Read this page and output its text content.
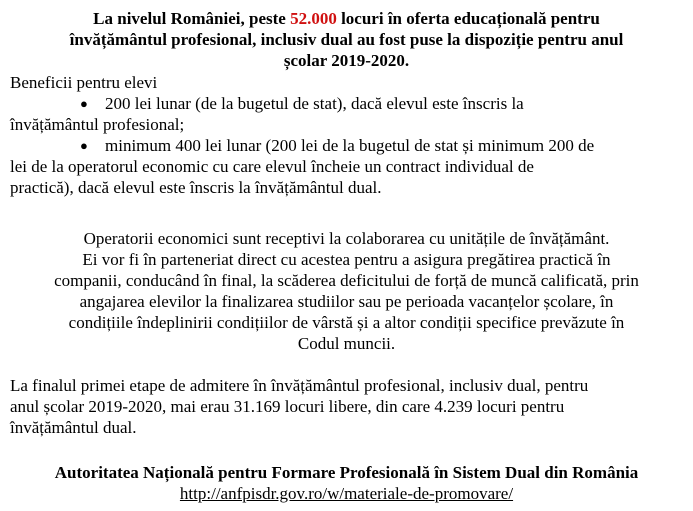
La nivelul României, peste 52.000 locuri în oferta educațională pentru
învățământul profesional, inclusiv dual au fost puse la dispoziție pentru anul
școlar 2019-2020.
Beneficii pentru elevi
●	200 lei lunar (de la bugetul de stat), dacă elevul este înscris la
învățământul profesional;
●	minimum 400 lei lunar (200 lei de la bugetul de stat și minimum 200 de
lei de la operatorul economic cu care elevul încheie un contract individual de
practică), dacă elevul este înscris la învățământul dual.
Operatorii economici sunt receptivi la colaborarea cu unitățile de învățământ.
Ei vor fi în parteneriat direct cu acestea pentru a asigura pregătirea practică în
companii, conducând în final, la scăderea deficitului de forță de muncă calificată, prin
angajarea elevilor la finalizarea studiilor sau pe perioada vacanțelor școlare, în
condițiile îndeplinirii condițiilor de vârstă și a altor condiții specifice prevăzute în
Codul muncii.
La finalul primei etape de admitere în învățământul profesional, inclusiv dual, pentru
anul școlar 2019-2020, mai erau 31.169 locuri libere, din care 4.239 locuri pentru
învățământul dual.
Autoritatea Națională pentru Formare Profesională în Sistem Dual din România
http://anfpisdr.gov.ro/w/materiale-de-promovare/
